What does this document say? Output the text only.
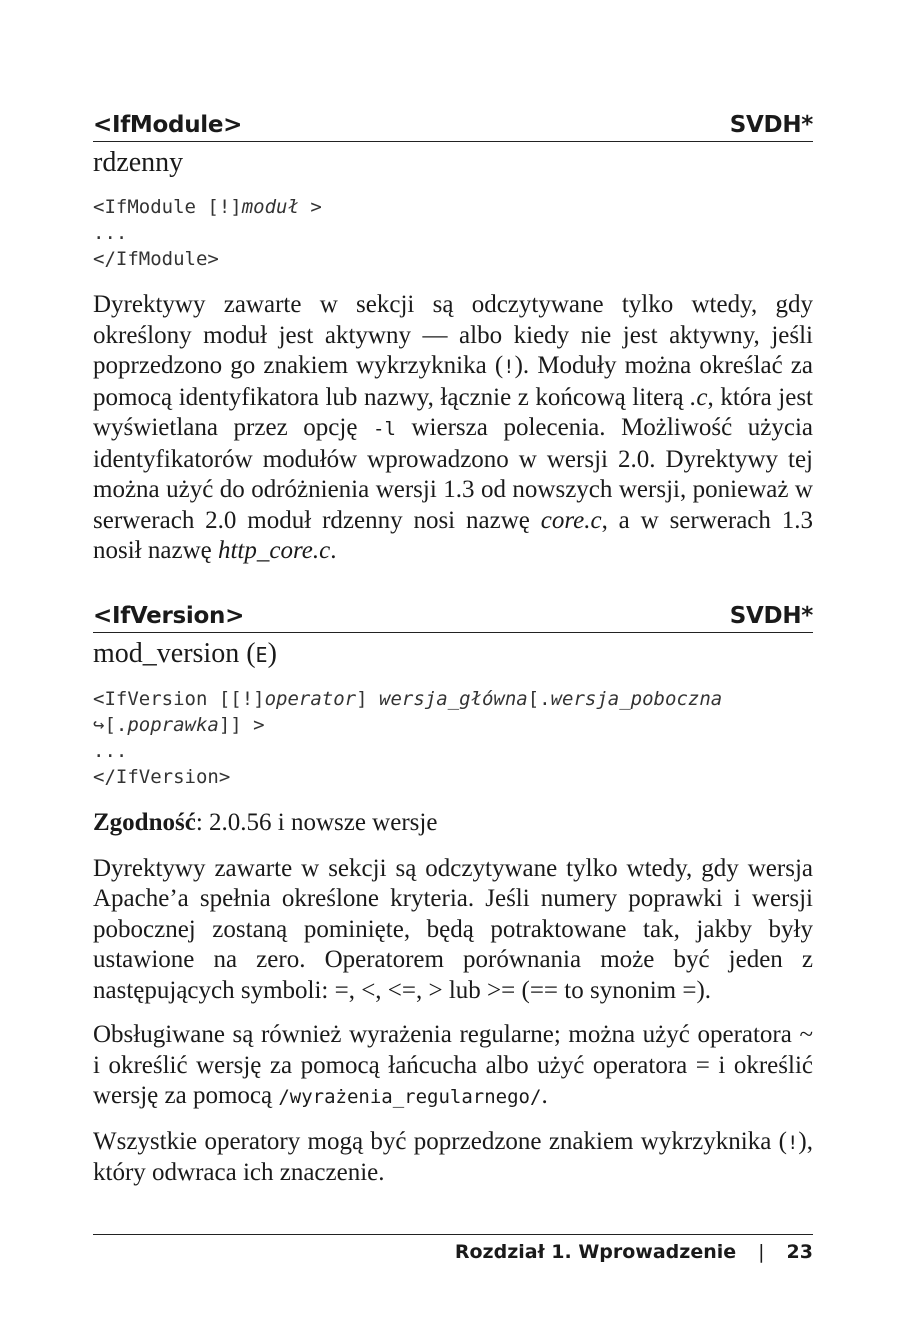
<IfModule>	SVDH*
rdzenny
<IfModule [!]moduł >
...
</IfModule>

Dyrektywy zawarte w sekcji są odczytywane tylko wtedy, gdy określony moduł jest aktywny — albo kiedy nie jest aktywny, jeśli poprzedzono go znakiem wykrzyknika (!). Moduły można określać za pomocą identyfikatora lub nazwy, łącznie z końcową literą .c, która jest wyświetlana przez opcję -l wiersza polecenia. Możliwość użycia identyfikatorów modułów wprowadzono w wersji 2.0. Dyrektywy tej można użyć do odróżnienia wersji 1.3 od nowszych wersji, ponieważ w serwerach 2.0 moduł rdzenny nosi nazwę core.c, a w serwerach 1.3 nosił nazwę http_core.c.

<IfVersion>	SVDH*
mod_version (E)
<IfVersion [[!]operator] wersja_główna[.wersja_poboczna
↪[.poprawka]] >
...
</IfVersion>
Zgodność: 2.0.56 i nowsze wersje

Dyrektywy zawarte w sekcji są odczytywane tylko wtedy, gdy wersja Apache’a spełnia określone kryteria. Jeśli numery poprawki i wersji pobocznej zostaną pominięte, będą potraktowane tak, jakby były ustawione na zero. Operatorem porównania może być jeden z następujących symboli: =, <, <=, > lub >= (== to synonim =).

Obsługiwane są również wyrażenia regularne; można użyć operatora ~ i określić wersję za pomocą łańcucha albo użyć operatora = i określić wersję za pomocą /wyrażenia_regularnego/.

Wszystkie operatory mogą być poprzedzone znakiem wykrzyknika (!), który odwraca ich znaczenie.

Rozdział 1. Wprowadzenie | 23
